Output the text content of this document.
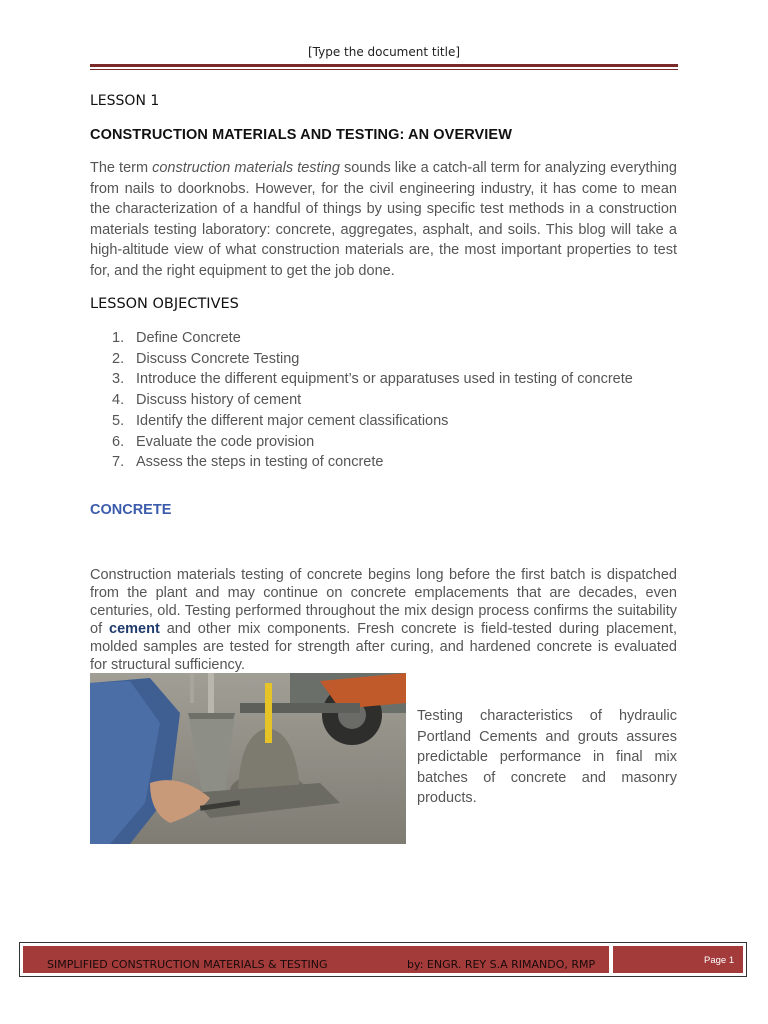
[Type the document title]
LESSON 1
CONSTRUCTION MATERIALS AND TESTING: AN OVERVIEW
The term construction materials testing sounds like a catch-all term for analyzing everything from nails to doorknobs. However, for the civil engineering industry, it has come to mean the characterization of a handful of things by using specific test methods in a construction materials testing laboratory: concrete, aggregates, asphalt, and soils. This blog will take a high-altitude view of what construction materials are, the most important properties to test for, and the right equipment to get the job done.
LESSON OBJECTIVES
1. Define Concrete
2. Discuss Concrete Testing
3. Introduce the different equipment’s or apparatuses used in testing of concrete
4. Discuss history of cement
5. Identify the different major cement classifications
6. Evaluate the code provision
7. Assess the steps in testing of concrete
CONCRETE
Construction materials testing of concrete begins long before the first batch is dispatched from the plant and may continue on concrete emplacements that are decades, even centuries, old. Testing performed throughout the mix design process confirms the suitability of cement and other mix components. Fresh concrete is field-tested during placement, molded samples are tested for strength after curing, and hardened concrete is evaluated for structural sufficiency.
Testing characteristics of hydraulic Portland Cements and grouts assures predictable performance in final mix batches of concrete and masonry products.
SIMPLIFIED CONSTRUCTION MATERIALS & TESTING	by: ENGR. REY S.A RIMANDO, RMP	Page 1
